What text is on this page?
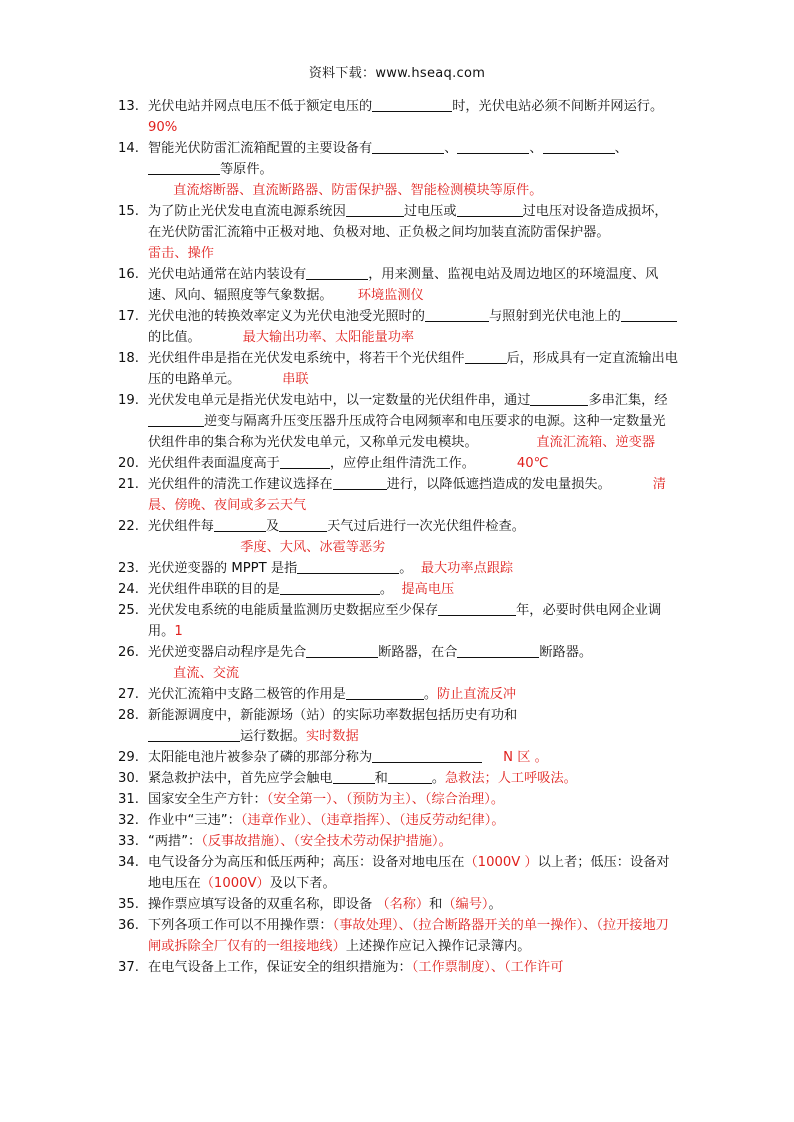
资料下载：www.hseaq.com
13. 光伏电站并网点电压不低于额定电压的	时，光伏电站必须不间断并网运行。        90%
14. 智能光伏防雷汇流箱配置的主要设备有	、	、	、等原件。
直流熔断器、直流断路器、防雷保护器、智能检测模块等原件。
15. 为了防止光伏发电直流电源系统因	过电压或	过电压对设备造成损坏，在光伏防雷汇流箱中正极对地、负极对地、正负极之间均加装直流防雷保护器。                雷击、操作
16. 光伏电站通常在站内装设有	，用来测量、监视电站及周边地区的环境温度、风速、风向、辐照度等气象数据。      环境监测仪
17. 光伏电池的转换效率定义为光伏电池受光照时的	与照射到光伏电池上的的比值。          最大输出功率、太阳能量功率
18. 光伏组件串是指在光伏发电系统中，将若干个光伏组件	后，形成具有一定直流输出电压的电路单元。          串联
19. 光伏发电单元是指光伏发电站中，以一定数量的光伏组件串，通过	多串汇集，经逆变与隔离升压变压器升压成符合电网频率和电压要求的电源。这种一定数量光伏组件串的集合称为光伏发电单元，又称单元发电模块。              直流汇流箱、逆变器
20. 光伏组件表面温度高于	，应停止组件清洗工作。          40℃
21. 光伏组件的清洗工作建议选择在	进行，以降低遮挡造成的发电量损失。          清晨、傍晚、夜间或多云天气
22. 光伏组件每	及	天气过后进行一次光伏组件检查。
季度、大风、冰雹等恶劣
23. 光伏逆变器的 MPPT 是指	。  最大功率点跟踪
24. 光伏组件串联的目的是	。  提高电压
25. 光伏发电系统的电能质量监测历史数据应至少保存	年，必要时供电网企业调用。1
26. 光伏逆变器启动程序是先合	断路器，在合	断路器。
直流、交流
27. 光伏汇流箱中支路二极管的作用是	。防止直流反冲
28. 新能源调度中，新能源场（站）的实际功率数据包括历史有功和
运行数据。实时数据
29. 太阳能电池片被参杂了磷的那部分称为	N 区 。
30. 紧急救护法中，首先应学会触电	和	。急救法；人工呼吸法。
31. 国家安全生产方针：（安全第一）、（预防为主）、（综合治理）。
32. 作业中“三违”：（违章作业）、（违章指挥）、（违反劳动纪律）。
33. “两措”：（反事故措施）、（安全技术劳动保护措施）。
34. 电气设备分为高压和低压两种；高压：设备对地电压在（1000V ）以上者；低压：设备对地电压在（1000V）及以下者。
35. 操作票应填写设备的双重名称，即设备 （名称）和（编号）。
36. 下列各项工作可以不用操作票：（事故处理）、（拉合断路器开关的单一操作）、（拉开接地刀闸或拆除全厂仅有的一组接地线）上述操作应记入操作记录簿内。
37. 在电气设备上工作，保证安全的组织措施为：（工作票制度）、（工作许可
